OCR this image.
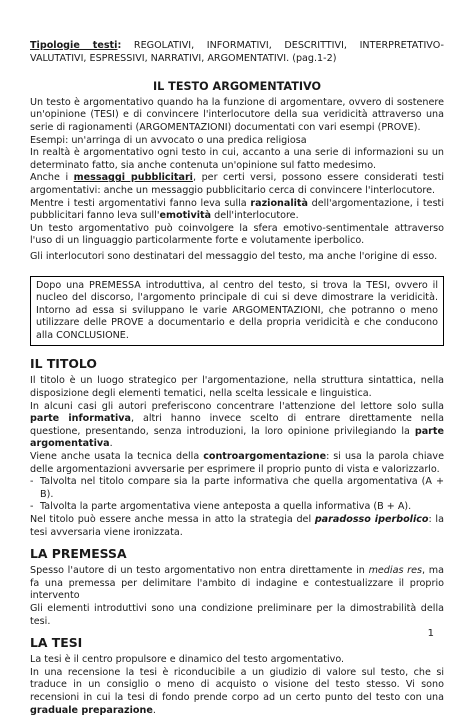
Tipologie testi: REGOLATIVI, INFORMATIVI, DESCRITTIVI, INTERPRETATIVO- VALUTATIVI, ESPRESSIVI, NARRATIVI, ARGOMENTATIVI. (pag.1-2)

IL TESTO ARGOMENTATIVO

Un testo è argomentativo quando ha la funzione di argomentare, ovvero di sostenere un'opinione (TESI) e di convincere l'interlocutore della sua veridicità attraverso una serie di ragionamenti (ARGOMENTAZIONI) documentati con vari esempi (PROVE).

Esempi: un'arringa di un avvocato o una predica religiosa

In realtà è argomentativo ogni testo in cui, accanto a una serie di informazioni su un determinato fatto, sia anche contenuta un'opinione sul fatto medesimo.

Anche i messaggi pubblicitari, per certi versi, possono essere considerati testi argomentativi: anche un messaggio pubblicitario cerca di convincere l'interlocutore.

Mentre i testi argomentativi fanno leva sulla razionalità dell'argomentazione, i testi pubblicitari fanno leva sull'emotività dell'interlocutore.

Un testo argomentativo può coinvolgere la sfera emotivo-sentimentale attraverso l'uso di un linguaggio particolarmente forte e volutamente iperbolico.

Gli interlocutori sono destinatari del messaggio del testo, ma anche l'origine di esso.

Dopo una PREMESSA introduttiva, al centro del testo, si trova la TESI, ovvero il nucleo del discorso, l'argomento principale di cui si deve dimostrare la veridicità. Intorno ad essa si sviluppano le varie ARGOMENTAZIONI, che potranno o meno utilizzare delle PROVE a documentario e della propria veridicità e che conducono alla CONCLUSIONE.

IL TITOLO

Il titolo è un luogo strategico per l'argomentazione, nella struttura sintattica, nella disposizione degli elementi tematici, nella scelta lessicale e linguistica.

In alcuni casi gli autori preferiscono concentrare l'attenzione del lettore solo sulla parte informativa, altri hanno invece scelto di entrare direttamente nella questione, presentando, senza introduzioni, la loro opinione privilegiando la parte argomentativa.

Viene anche usata la tecnica della controargomentazione: si usa la parola chiave delle argomentazioni avversarie per esprimere il proprio punto di vista e valorizzarlo.

- Talvolta nel titolo compare sia la parte informativa che quella argomentativa (A + B).
- Talvolta la parte argomentativa viene anteposta a quella informativa (B + A).

Nel titolo può essere anche messa in atto la strategia del paradosso iperbolico: la tesi avversaria viene ironizzata.

LA PREMESSA

Spesso l'autore di un testo argomentativo non entra direttamente in medias res, ma fa una premessa per delimitare l'ambito di indagine e contestualizzare il proprio intervento

Gli elementi introduttivi sono una condizione preliminare per la dimostrabilità della tesi.

LA TESI

La tesi è il centro propulsore e dinamico del testo argomentativo.

In una recensione la tesi è riconducibile a un giudizio di valore sul testo, che si traduce in un consiglio o meno di acquisto o visione del testo stesso. Vi sono recensioni in cui la tesi di fondo prende corpo ad un certo punto del testo con una graduale preparazione.

1
